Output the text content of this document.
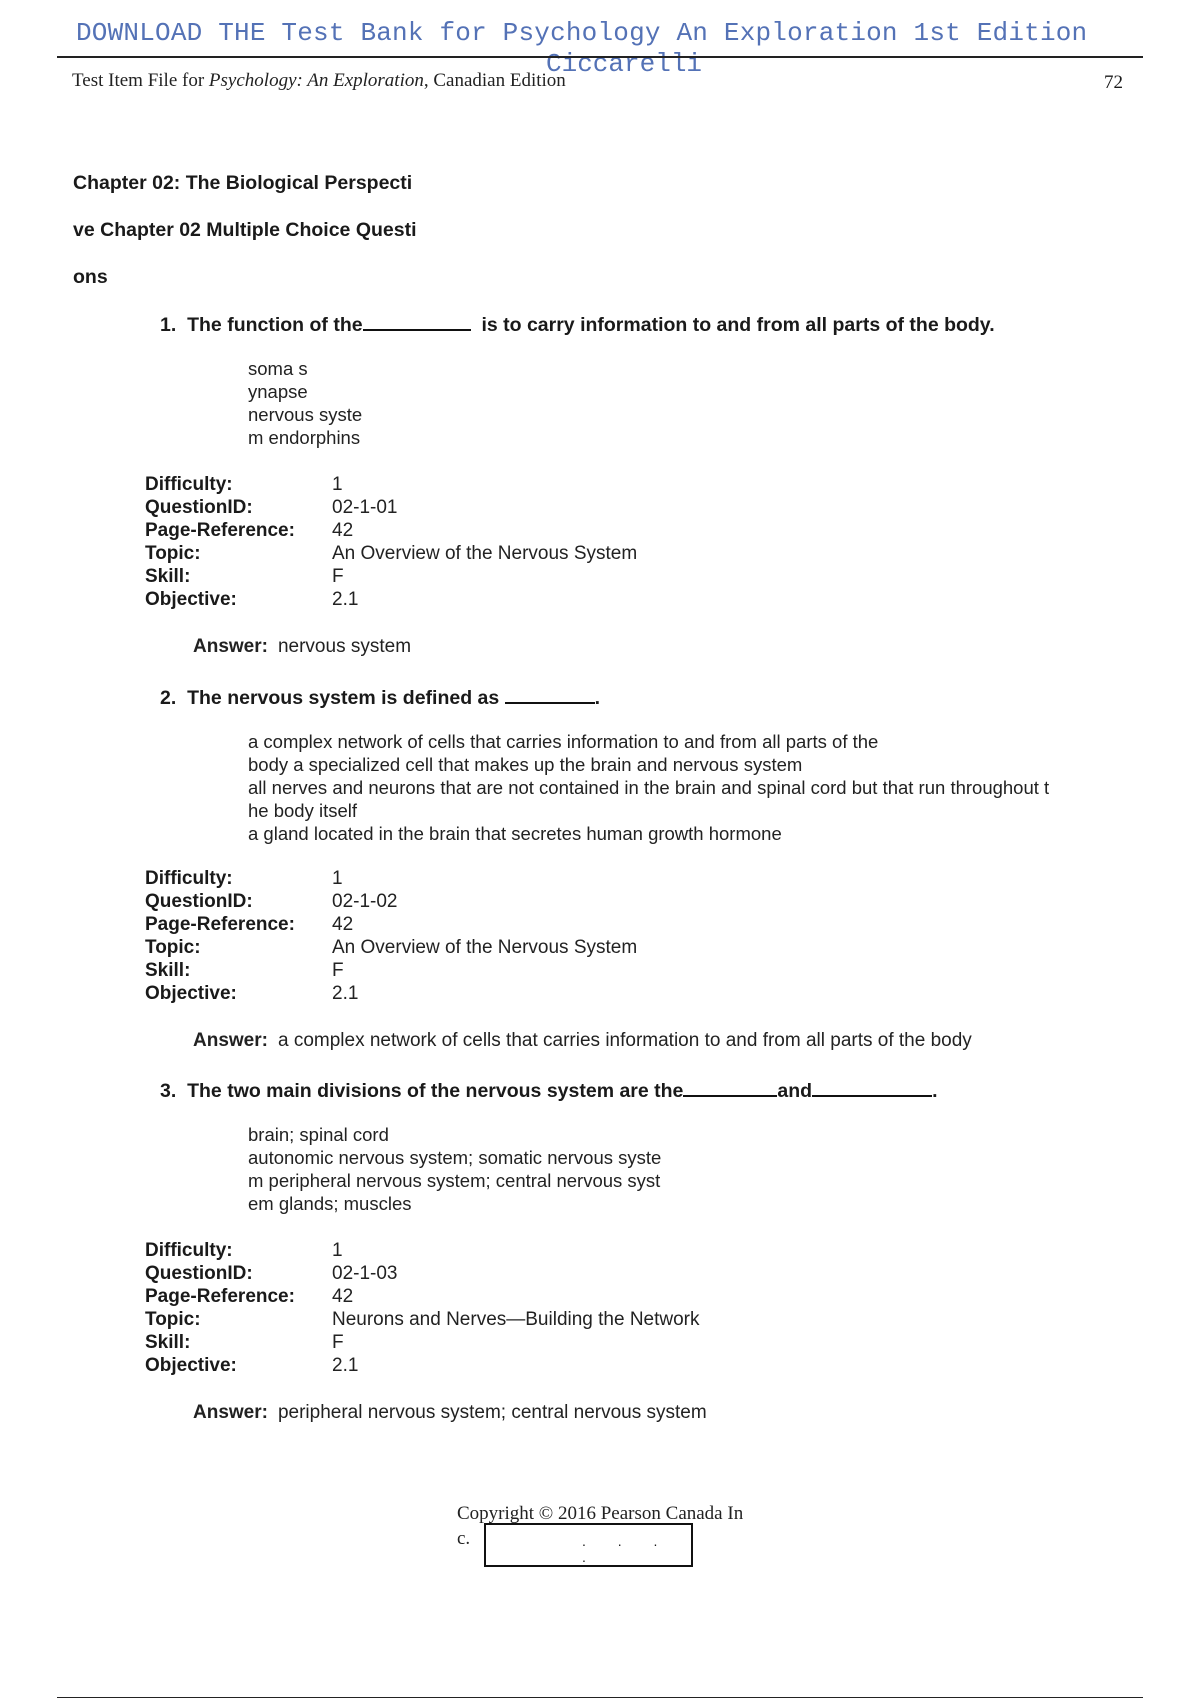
DOWNLOAD THE Test Bank for Psychology An Exploration 1st Edition
Ciccarelli
Test Item File for Psychology: An Exploration, Canadian Edition	72
Chapter 02: The Biological Perspecti
ve Chapter 02 Multiple Choice Questi
ons
1. The function of the	is to carry information to and from all parts of the body.
soma s
ynapse
nervous syste
m endorphins
Difficulty:	1
QuestionID:	02-1-01
Page-Reference: 42
Topic:	An Overview of the Nervous System
Skill:	F
Objective:	2.1
Answer: nervous system
2. The nervous system is defined as	.
a complex network of cells that carries information to and from all parts of the
body a specialized cell that makes up the brain and nervous system
all nerves and neurons that are not contained in the brain and spinal cord but that run throughout t
he body itself
a gland located in the brain that secretes human growth hormone
Difficulty:	1
QuestionID:	02-1-02
Page-Reference: 42
Topic:	An Overview of the Nervous System
Skill:	F
Objective:	2.1
Answer: a complex network of cells that carries information to and from all parts of the body
3. The two main divisions of the nervous system are the	and	.
brain; spinal cord
autonomic nervous system; somatic nervous syste
m peripheral nervous system; central nervous syst
em glands; muscles
Difficulty:	1
QuestionID:	02-1-03
Page-Reference: 42
Topic:	Neurons and Nerves—Building the Network
Skill:	F
Objective:	2.1
Answer: peripheral nervous system; central nervous system
Copyright © 2016 Pearson Canada In
c.	. . . .
